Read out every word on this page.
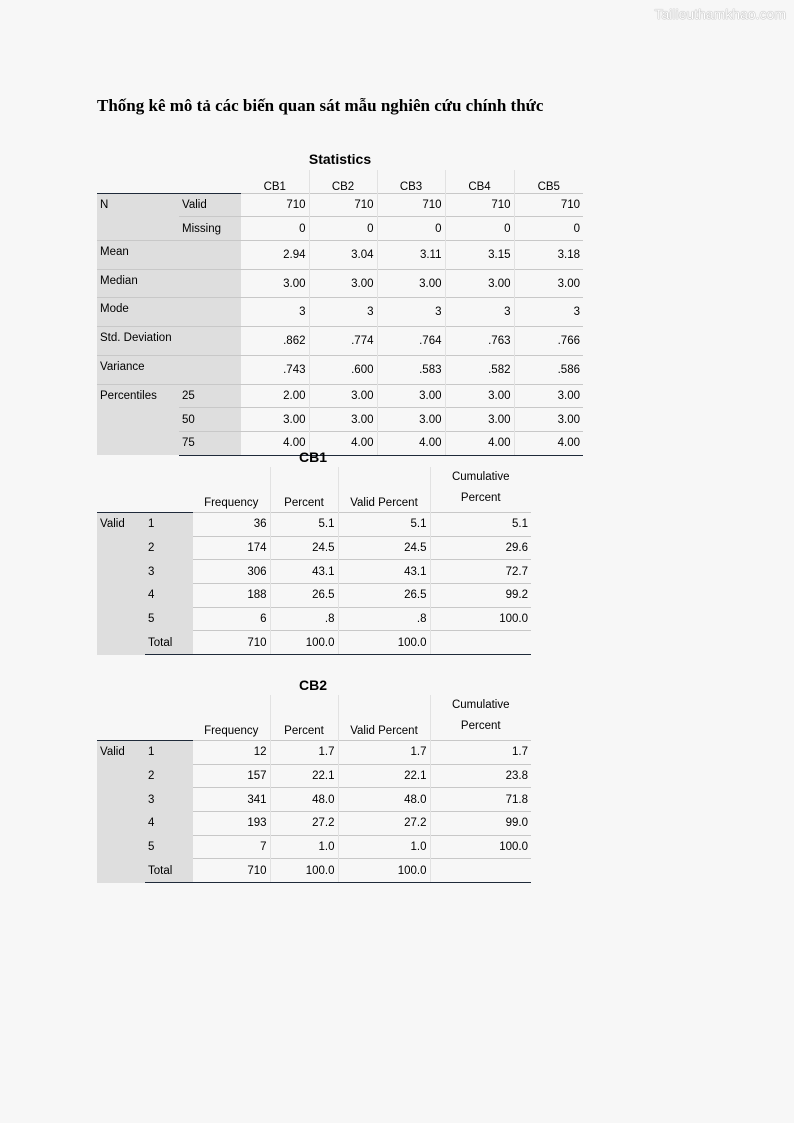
Tailieuthamkhao.com
Thống kê mô tả các biến quan sát mẫu nghiên cứu chính thức
Statistics
		CB1	CB2	CB3	CB4	CB5
N	Valid	710	710	710	710	710
	Missing	0	0	0	0	0
Mean		2.94	3.04	3.11	3.15	3.18
Median		3.00	3.00	3.00	3.00	3.00
Mode		3	3	3	3	3
Std. Deviation		.862	.774	.764	.763	.766
Variance		.743	.600	.583	.582	.586
Percentiles	25	2.00	3.00	3.00	3.00	3.00
	50	3.00	3.00	3.00	3.00	3.00
	75	4.00	4.00	4.00	4.00	4.00
CB1
		Frequency	Percent	Valid Percent	Cumulative
Percent

Valid	1	36	5.1	5.1	5.1
	2	174	24.5	24.5	29.6
	3	306	43.1	43.1	72.7
	4	188	26.5	26.5	99.2
	5	6	.8	.8	100.0
	Total	710	100.0	100.0	
CB2
		Frequency	Percent	Valid Percent	Cumulative
Percent

Valid	1	12	1.7	1.7	1.7
	2	157	22.1	22.1	23.8
	3	341	48.0	48.0	71.8
	4	193	27.2	27.2	99.0
	5	7	1.0	1.0	100.0
	Total	710	100.0	100.0	
